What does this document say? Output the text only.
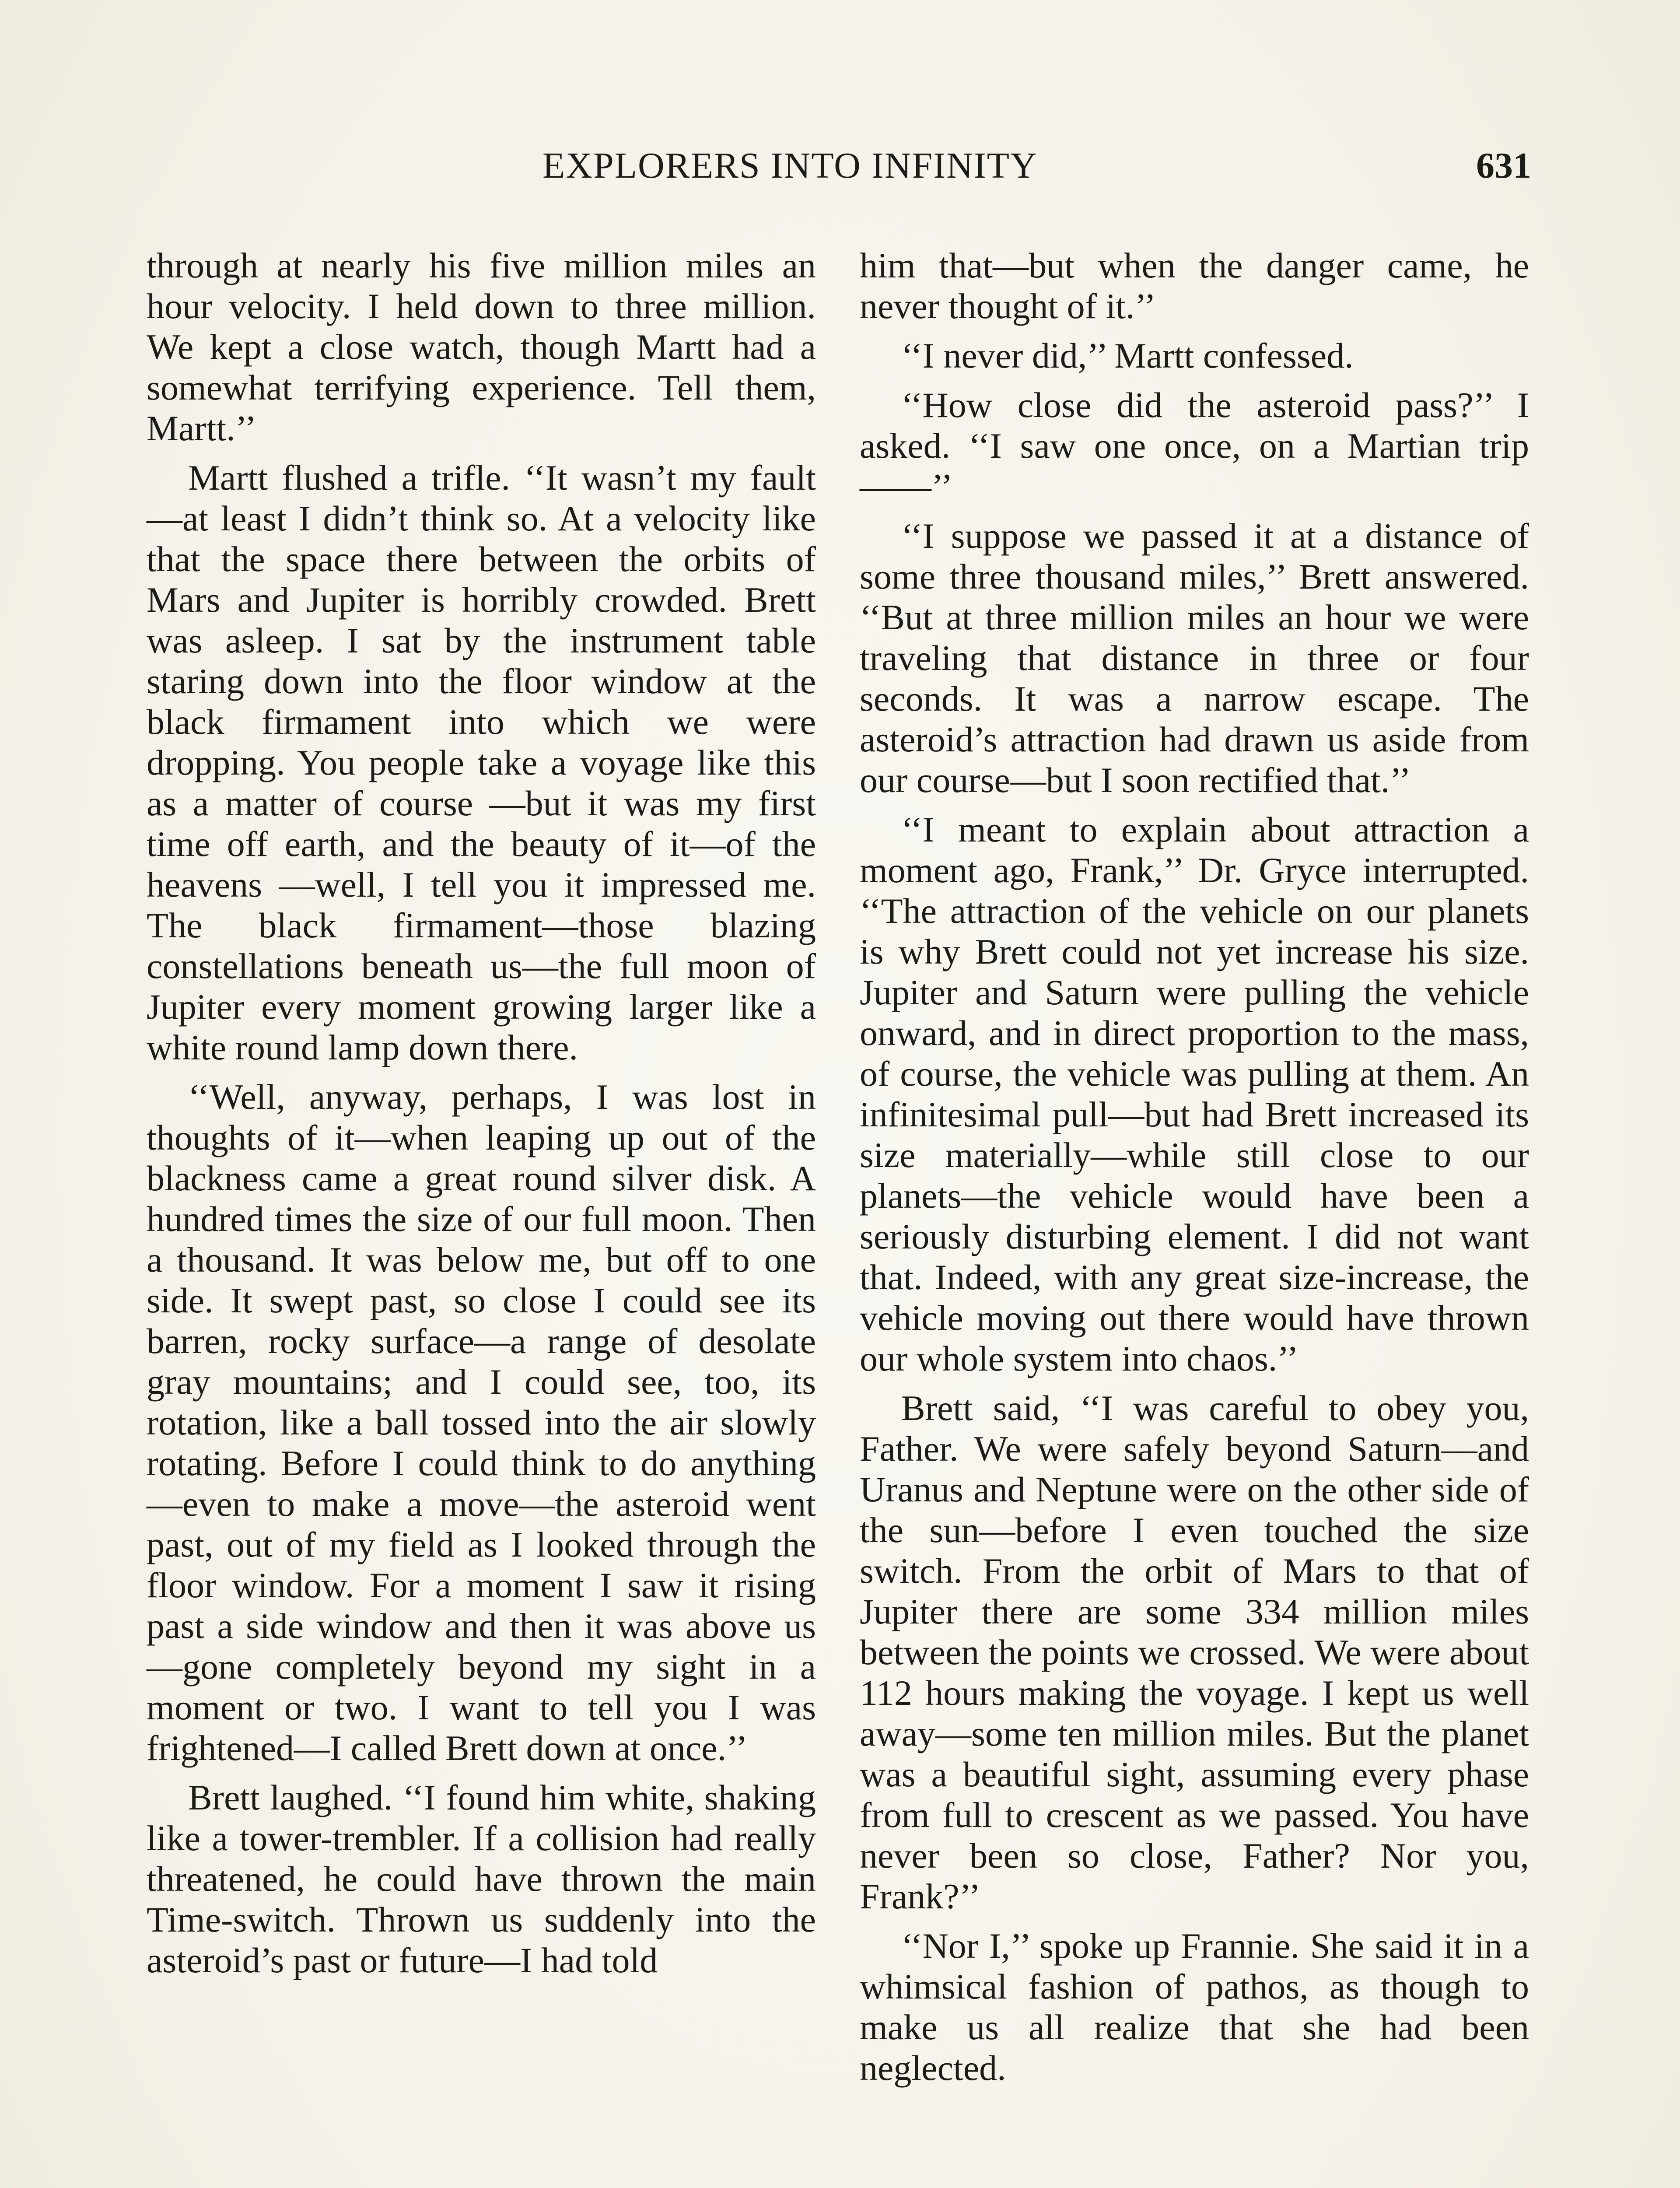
EXPLORERS INTO INFINITY	631

through at nearly his five million miles an hour velocity. I held down to three million. We kept a close watch, though Martt had a somewhat terrifying experience. Tell them, Martt.’’

Martt flushed a trifle. ‘‘It wasn’t my fault—at least I didn’t think so. At a velocity like that the space there between the orbits of Mars and Jupiter is horribly crowded. Brett was asleep. I sat by the instrument table staring down into the floor window at the black firmament into which we were dropping. You people take a voyage like this as a matter of course —but it was my first time off earth, and the beauty of it—of the heavens —well, I tell you it impressed me. The black firmament—those blazing constellations beneath us—the full moon of Jupiter every moment growing larger like a white round lamp down there.

‘‘Well, anyway, perhaps, I was lost in thoughts of it—when leaping up out of the blackness came a great round silver disk. A hundred times the size of our full moon. Then a thousand. It was below me, but off to one side. It swept past, so close I could see its barren, rocky surface—a range of desolate gray mountains; and I could see, too, its rotation, like a ball tossed into the air slowly rotating. Before I could think to do anything—even to make a move—the asteroid went past, out of my field as I looked through the floor window. For a moment I saw it rising past a side window and then it was above us—gone completely beyond my sight in a moment or two. I want to tell you I was frightened—I called Brett down at once.’’

Brett laughed. ‘‘I found him white, shaking like a tower-trembler. If a collision had really threatened, he could have thrown the main Time-switch. Thrown us suddenly into the asteroid’s past or future—I had told

him that—but when the danger came, he never thought of it.’’

‘‘I never did,’’ Martt confessed.

‘‘How close did the asteroid pass?’’ I asked. ‘‘I saw one once, on a Martian trip——’’

‘‘I suppose we passed it at a distance of some three thousand miles,’’ Brett answered. ‘‘But at three million miles an hour we were traveling that distance in three or four seconds. It was a narrow escape. The asteroid’s attraction had drawn us aside from our course—but I soon rectified that.’’

‘‘I meant to explain about attraction a moment ago, Frank,’’ Dr. Gryce interrupted. ‘‘The attraction of the vehicle on our planets is why Brett could not yet increase his size. Jupiter and Saturn were pulling the vehicle onward, and in direct proportion to the mass, of course, the vehicle was pulling at them. An infinitesimal pull—but had Brett increased its size materially—while still close to our planets—the vehicle would have been a seriously disturbing element. I did not want that. Indeed, with any great size-increase, the vehicle moving out there would have thrown our whole system into chaos.’’

Brett said, ‘‘I was careful to obey you, Father. We were safely beyond Saturn—and Uranus and Neptune were on the other side of the sun—before I even touched the size switch. From the orbit of Mars to that of Jupiter there are some 334 million miles between the points we crossed. We were about 112 hours making the voyage. I kept us well away—some ten million miles. But the planet was a beautiful sight, assuming every phase from full to crescent as we passed. You have never been so close, Father? Nor you, Frank?’’

‘‘Nor I,’’ spoke up Frannie. She said it in a whimsical fashion of pathos, as though to make us all realize that she had been neglected.
